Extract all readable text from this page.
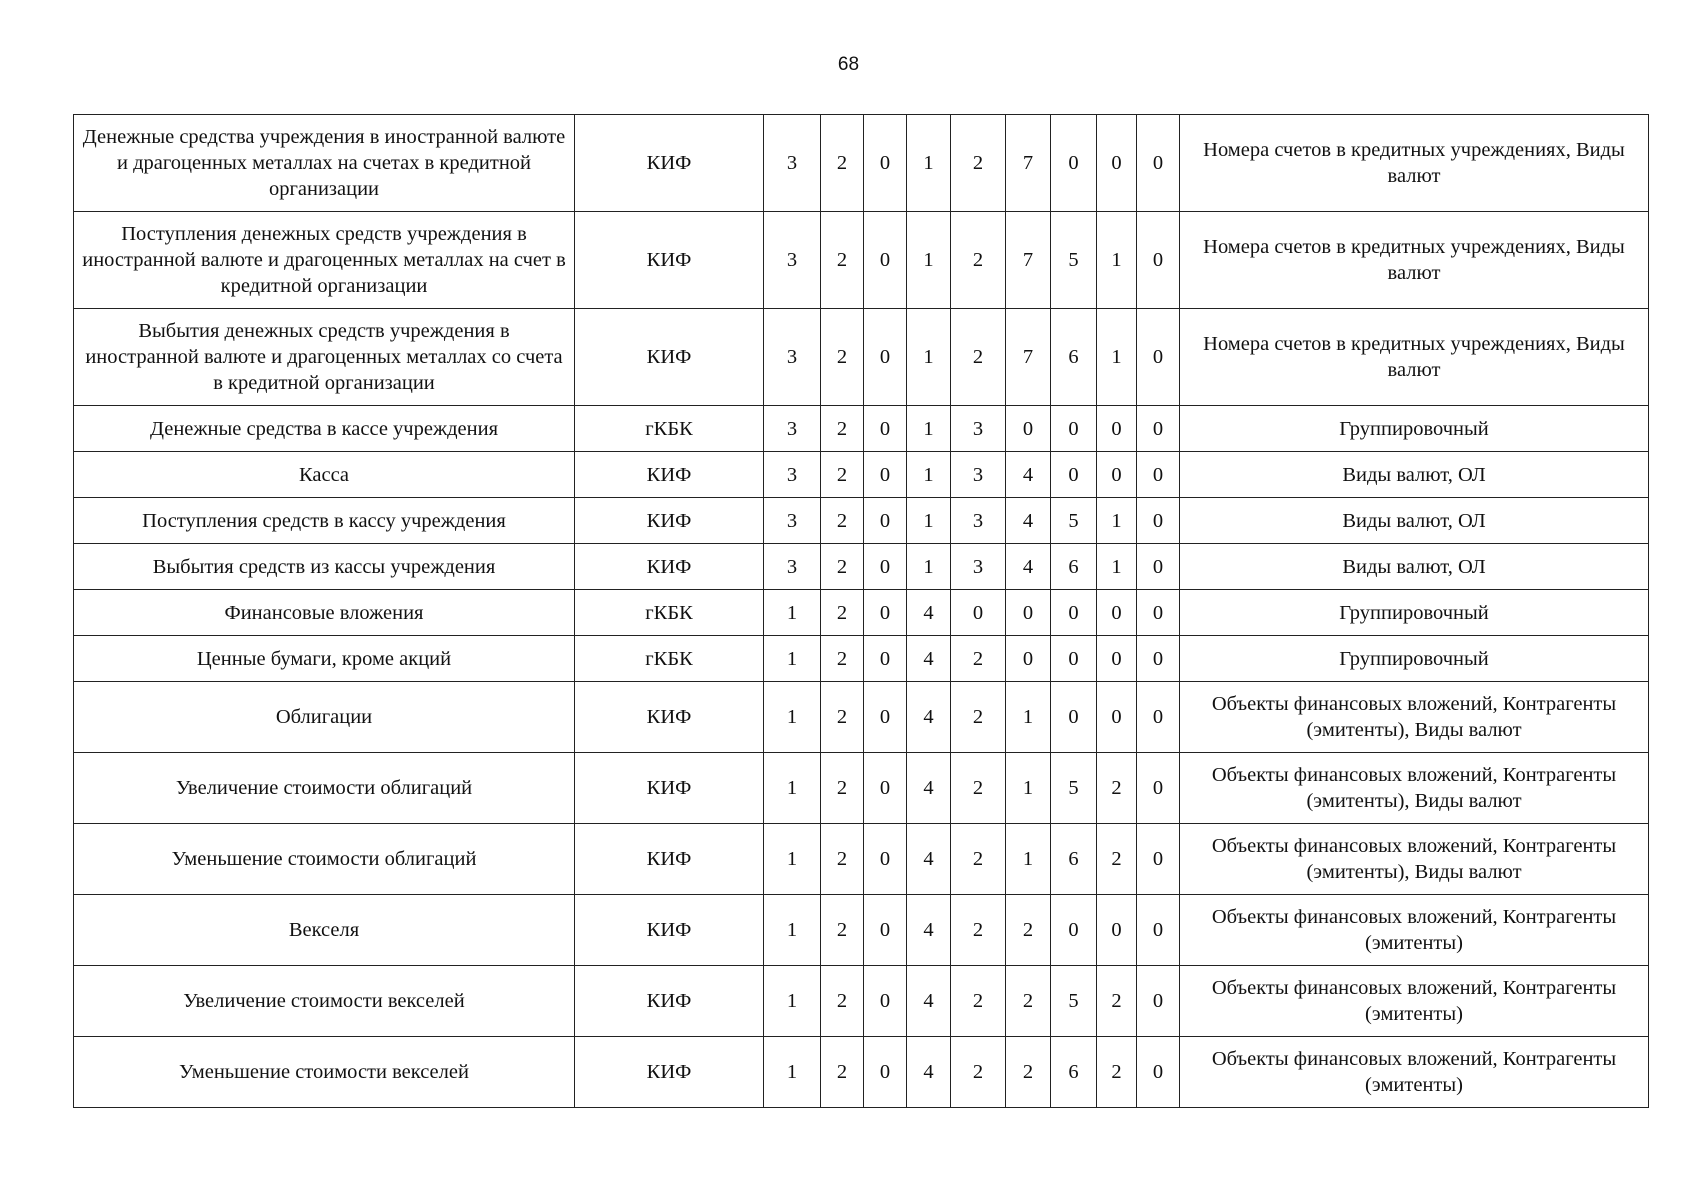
68
Денежные средства учреждения в иностранной валюте и драгоценных металлах на счетах в кредитной организации	КИФ	3	2	0	1	2	7	0	0	0	Номера счетов в кредитных учреждениях, Виды валют
Поступления денежных средств учреждения в иностранной валюте и драгоценных металлах на счет в кредитной организации	КИФ	3	2	0	1	2	7	5	1	0	Номера счетов в кредитных учреждениях, Виды валют
Выбытия денежных средств учреждения в иностранной валюте и драгоценных металлах со счета в кредитной организации	КИФ	3	2	0	1	2	7	6	1	0	Номера счетов в кредитных учреждениях, Виды валют
Денежные средства в кассе учреждения	гКБК	3	2	0	1	3	0	0	0	0	Группировочный
Касса	КИФ	3	2	0	1	3	4	0	0	0	Виды валют, ОЛ
Поступления средств в кассу учреждения	КИФ	3	2	0	1	3	4	5	1	0	Виды валют, ОЛ
Выбытия средств из кассы учреждения	КИФ	3	2	0	1	3	4	6	1	0	Виды валют, ОЛ
Финансовые вложения	гКБК	1	2	0	4	0	0	0	0	0	Группировочный
Ценные бумаги, кроме акций	гКБК	1	2	0	4	2	0	0	0	0	Группировочный
Облигации	КИФ	1	2	0	4	2	1	0	0	0	Объекты финансовых вложений, Контрагенты (эмитенты), Виды валют
Увеличение стоимости облигаций	КИФ	1	2	0	4	2	1	5	2	0	Объекты финансовых вложений, Контрагенты (эмитенты), Виды валют
Уменьшение стоимости облигаций	КИФ	1	2	0	4	2	1	6	2	0	Объекты финансовых вложений, Контрагенты (эмитенты), Виды валют
Векселя	КИФ	1	2	0	4	2	2	0	0	0	Объекты финансовых вложений, Контрагенты (эмитенты)
Увеличение стоимости векселей	КИФ	1	2	0	4	2	2	5	2	0	Объекты финансовых вложений, Контрагенты (эмитенты)
Уменьшение стоимости векселей	КИФ	1	2	0	4	2	2	6	2	0	Объекты финансовых вложений, Контрагенты (эмитенты)
